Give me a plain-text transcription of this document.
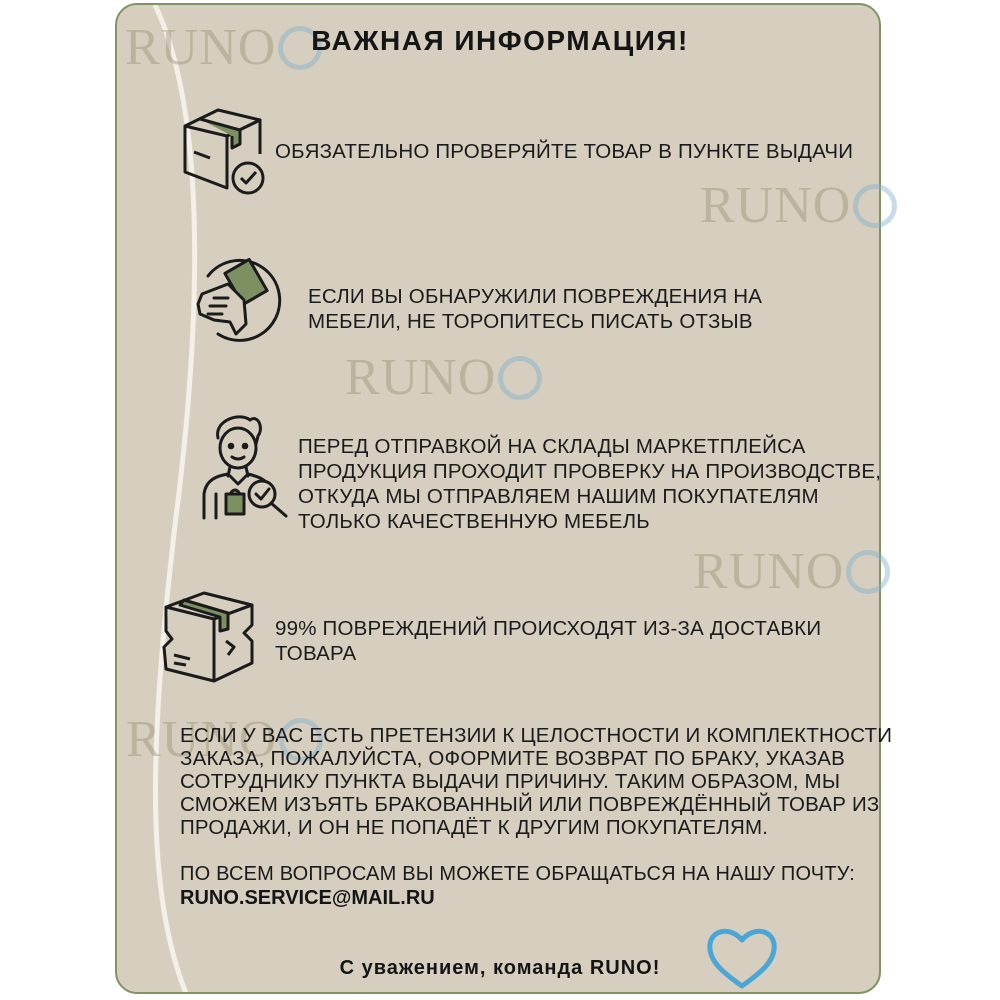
RUNO
RUNO
RUNO
RUNO
RUNO
ВАЖНАЯ ИНФОРМАЦИЯ!
ОБЯЗАТЕЛЬНО ПРОВЕРЯЙТЕ ТОВАР В ПУНКТЕ ВЫДАЧИ
ЕСЛИ ВЫ ОБНАРУЖИЛИ ПОВРЕЖДЕНИЯ НА
МЕБЕЛИ, НЕ ТОРОПИТЕСЬ ПИСАТЬ ОТЗЫВ
ПЕРЕД ОТПРАВКОЙ НА СКЛАДЫ МАРКЕТПЛЕЙСА
ПРОДУКЦИЯ ПРОХОДИТ ПРОВЕРКУ НА ПРОИЗВОДСТВЕ,
ОТКУДА МЫ ОТПРАВЛЯЕМ НАШИМ ПОКУПАТЕЛЯМ
ТОЛЬКО КАЧЕСТВЕННУЮ МЕБЕЛЬ
99% ПОВРЕЖДЕНИЙ ПРОИСХОДЯТ ИЗ-ЗА ДОСТАВКИ
ТОВАРА
ЕСЛИ У ВАС ЕСТЬ ПРЕТЕНЗИИ К ЦЕЛОСТНОСТИ И КОМПЛЕКТНОСТИ
ЗАКАЗА, ПОЖАЛУЙСТА, ОФОРМИТЕ ВОЗВРАТ ПО БРАКУ, УКАЗАВ
СОТРУДНИКУ ПУНКТА ВЫДАЧИ ПРИЧИНУ. ТАКИМ ОБРАЗОМ, МЫ
СМОЖЕМ ИЗЪЯТЬ БРАКОВАННЫЙ ИЛИ ПОВРЕЖДЁННЫЙ ТОВАР ИЗ
ПРОДАЖИ, И ОН НЕ ПОПАДЁТ К ДРУГИМ ПОКУПАТЕЛЯМ.
ПО ВСЕМ ВОПРОСАМ ВЫ МОЖЕТЕ ОБРАЩАТЬСЯ НА НАШУ ПОЧТУ:
RUNO.SERVICE@MAIL.RU
С уважением, команда RUNO!
